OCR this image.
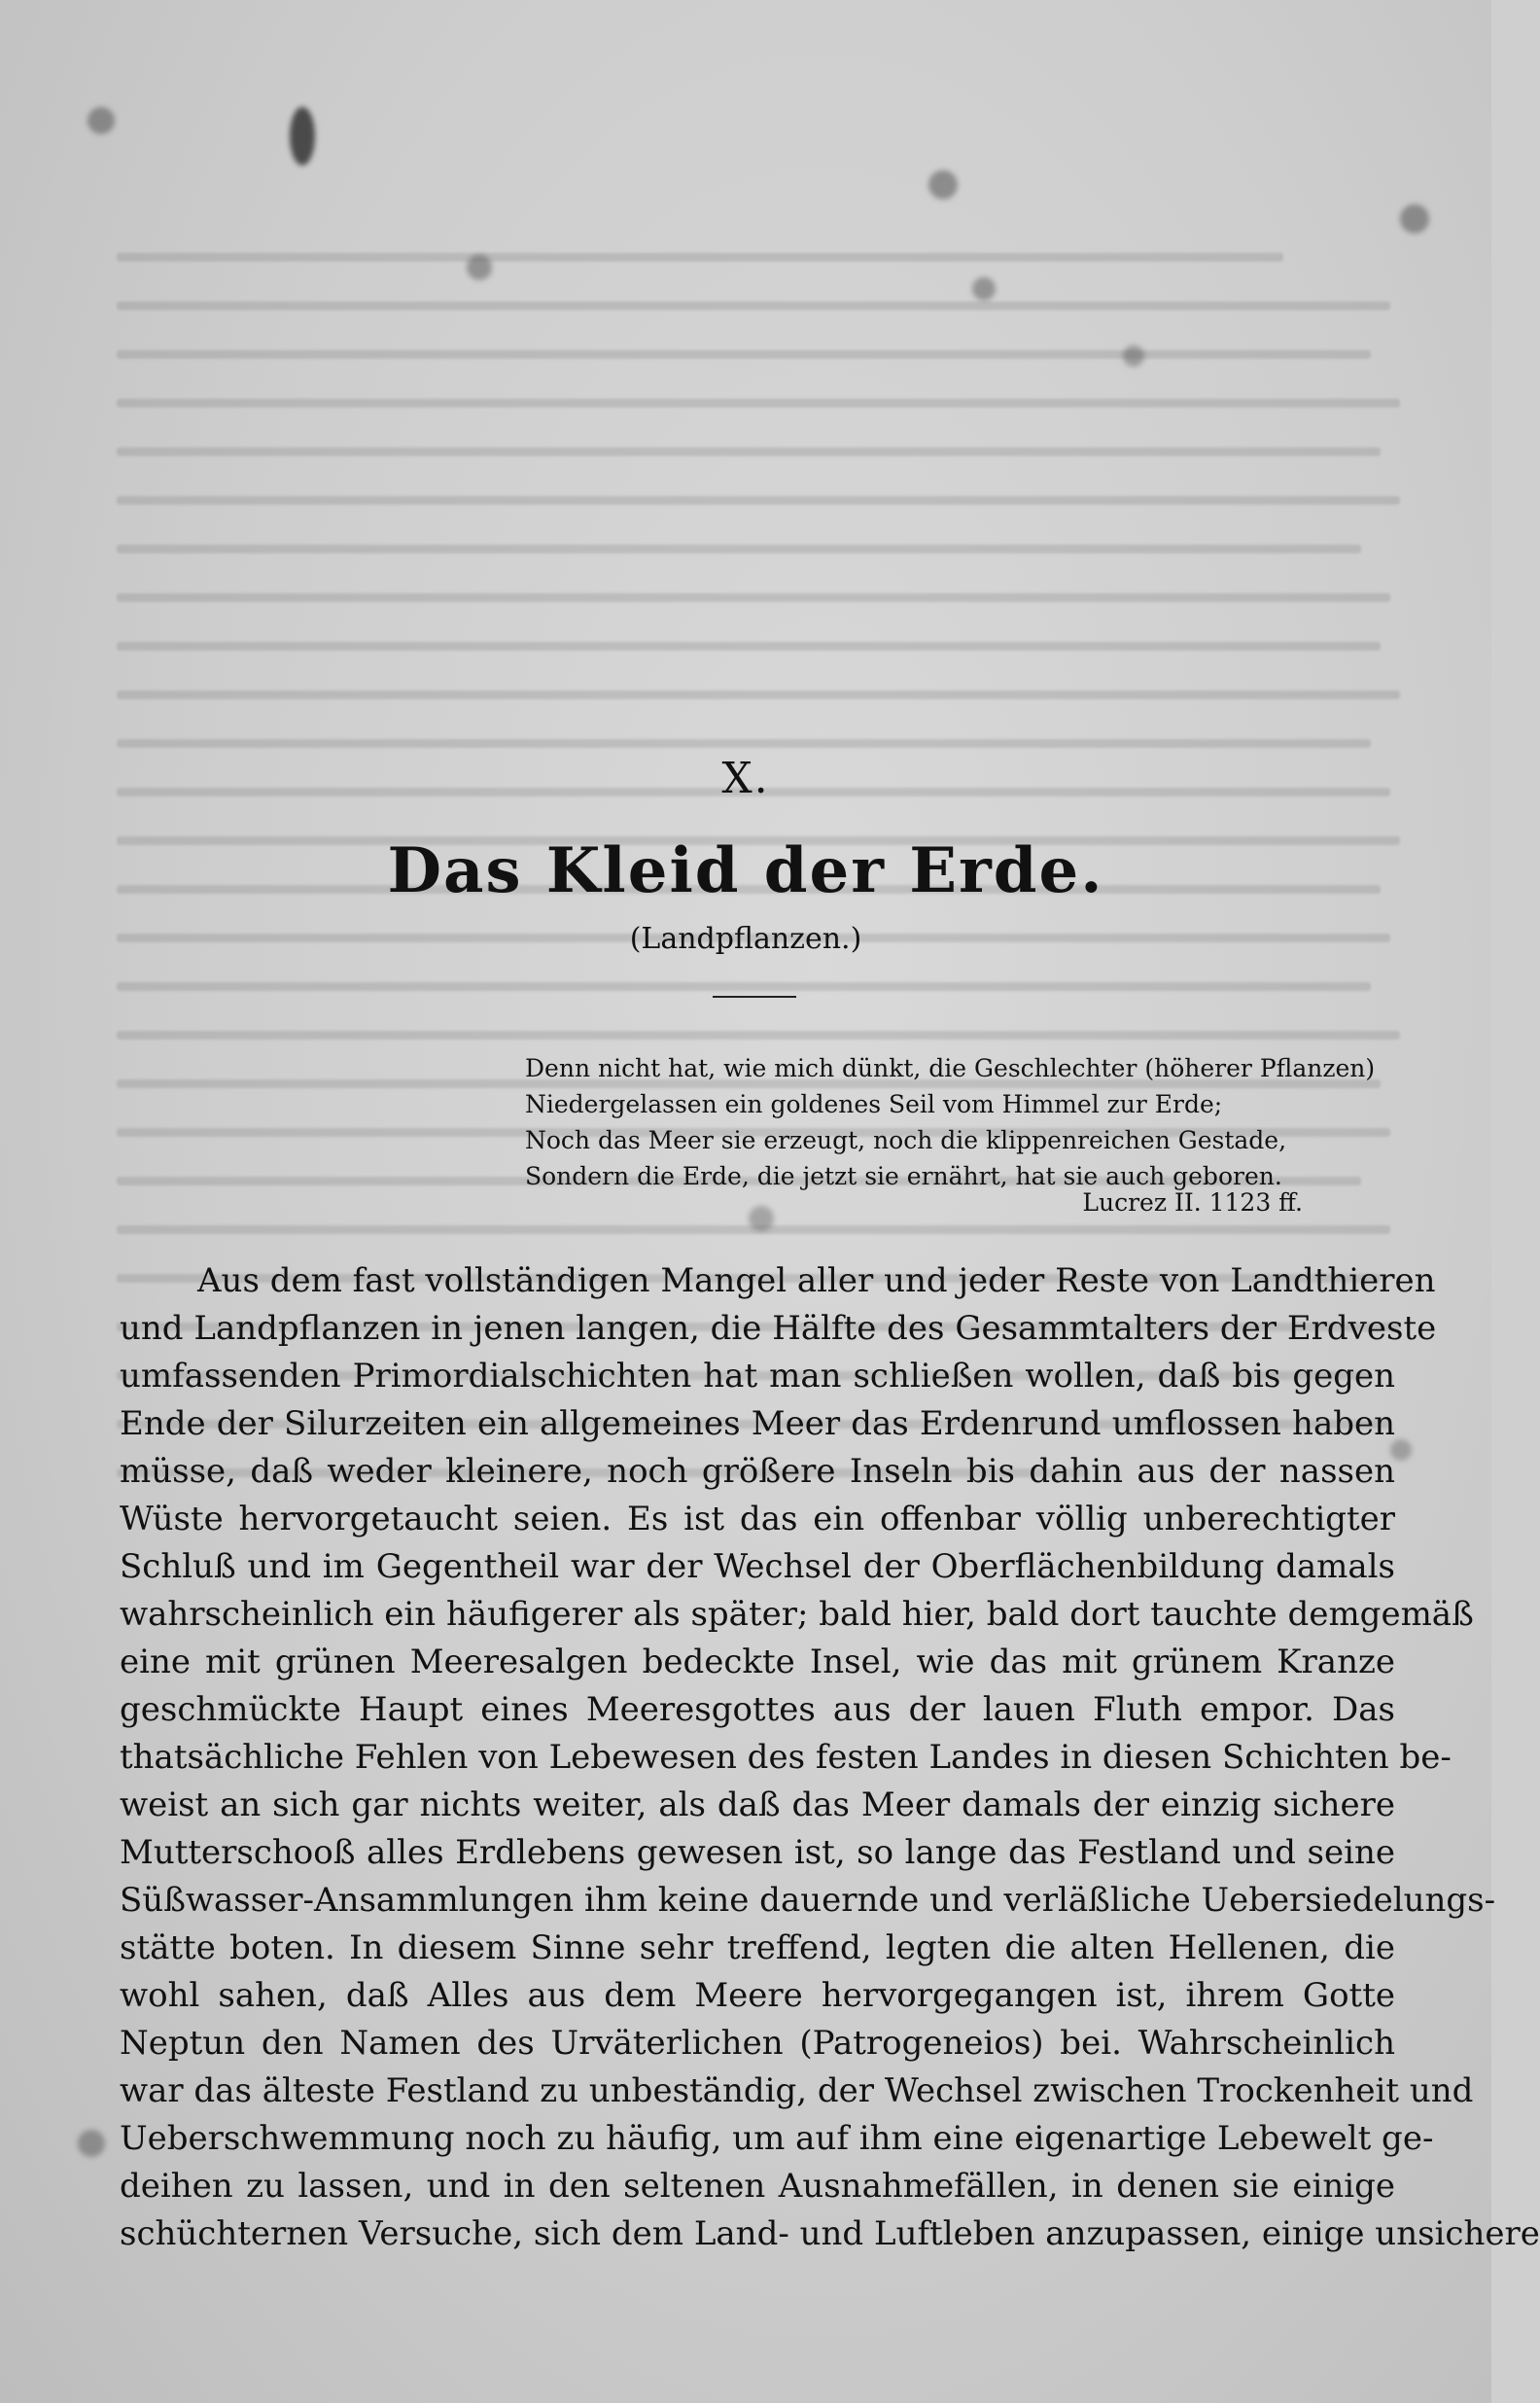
X.
Das Kleid der Erde.
(Landpflanzen.)
Denn nicht hat, wie mich dünkt, die Geschlechter (höherer Pflanzen)
Niedergelassen ein goldenes Seil vom Himmel zur Erde;
Noch das Meer sie erzeugt, noch die klippenreichen Gestade,
Sondern die Erde, die jetzt sie ernährt, hat sie auch geboren.
Lucrez II. 1123 ff.
Aus dem fast vollständigen Mangel aller und jeder Reste von Landthieren
und Landpflanzen in jenen langen, die Hälfte des Gesammtalters der Erdveste
umfassenden Primordialschichten hat man schließen wollen, daß bis gegen
Ende der Silurzeiten ein allgemeines Meer das Erdenrund umflossen haben
müsse, daß weder kleinere, noch größere Inseln bis dahin aus der nassen
Wüste hervorgetaucht seien. Es ist das ein offenbar völlig unberechtigter
Schluß und im Gegentheil war der Wechsel der Oberflächenbildung damals
wahrscheinlich ein häufigerer als später; bald hier, bald dort tauchte demgemäß
eine mit grünen Meeresalgen bedeckte Insel, wie das mit grünem Kranze
geschmückte Haupt eines Meeresgottes aus der lauen Fluth empor. Das
thatsächliche Fehlen von Lebewesen des festen Landes in diesen Schichten be-
weist an sich gar nichts weiter, als daß das Meer damals der einzig sichere
Mutterschooß alles Erdlebens gewesen ist, so lange das Festland und seine
Süßwasser-Ansammlungen ihm keine dauernde und verläßliche Uebersiedelungs-
stätte boten. In diesem Sinne sehr treffend, legten die alten Hellenen, die
wohl sahen, daß Alles aus dem Meere hervorgegangen ist, ihrem Gotte
Neptun den Namen des Urväterlichen (Patrogeneios) bei. Wahrscheinlich
war das älteste Festland zu unbeständig, der Wechsel zwischen Trockenheit und
Ueberschwemmung noch zu häufig, um auf ihm eine eigenartige Lebewelt ge-
deihen zu lassen, und in den seltenen Ausnahmefällen, in denen sie einige
schüchternen Versuche, sich dem Land- und Luftleben anzupassen, einige unsichere
